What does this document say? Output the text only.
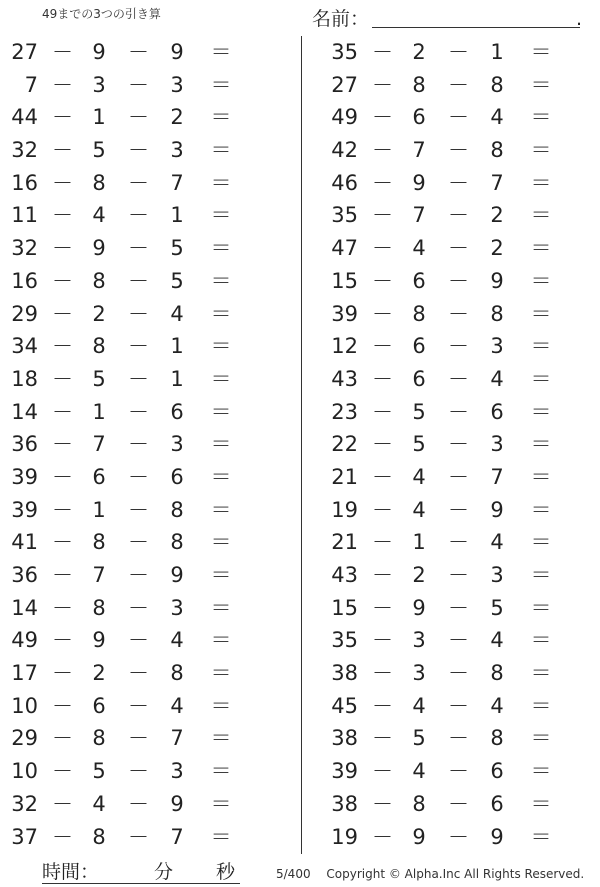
49までの3つの引き算	名前：	.
27 － 9 － 9 ＝
7 － 3 － 3 ＝
44 － 1 － 2 ＝
32 － 5 － 3 ＝
16 － 8 － 7 ＝
11 － 4 － 1 ＝
32 － 9 － 5 ＝
16 － 8 － 5 ＝
29 － 2 － 4 ＝
34 － 8 － 1 ＝
18 － 5 － 1 ＝
14 － 1 － 6 ＝
36 － 7 － 3 ＝
39 － 6 － 6 ＝
39 － 1 － 8 ＝
41 － 8 － 8 ＝
36 － 7 － 9 ＝
14 － 8 － 3 ＝
49 － 9 － 4 ＝
17 － 2 － 8 ＝
10 － 6 － 4 ＝
29 － 8 － 7 ＝
10 － 5 － 3 ＝
32 － 4 － 9 ＝
37 － 8 － 7 ＝
35 － 2 － 1 ＝
27 － 8 － 8 ＝
49 － 6 － 4 ＝
42 － 7 － 8 ＝
46 － 9 － 7 ＝
35 － 7 － 2 ＝
47 － 4 － 2 ＝
15 － 6 － 9 ＝
39 － 8 － 8 ＝
12 － 6 － 3 ＝
43 － 6 － 4 ＝
23 － 5 － 6 ＝
22 － 5 － 3 ＝
21 － 4 － 7 ＝
19 － 4 － 9 ＝
21 － 1 － 4 ＝
43 － 2 － 3 ＝
15 － 9 － 5 ＝
35 － 3 － 4 ＝
38 － 3 － 8 ＝
45 － 4 － 4 ＝
38 － 5 － 8 ＝
39 － 4 － 6 ＝
38 － 8 － 6 ＝
19 － 9 － 9 ＝
時間：	分 秒	5/400 Copyright © Alpha.Inc All Rights Reserved.
